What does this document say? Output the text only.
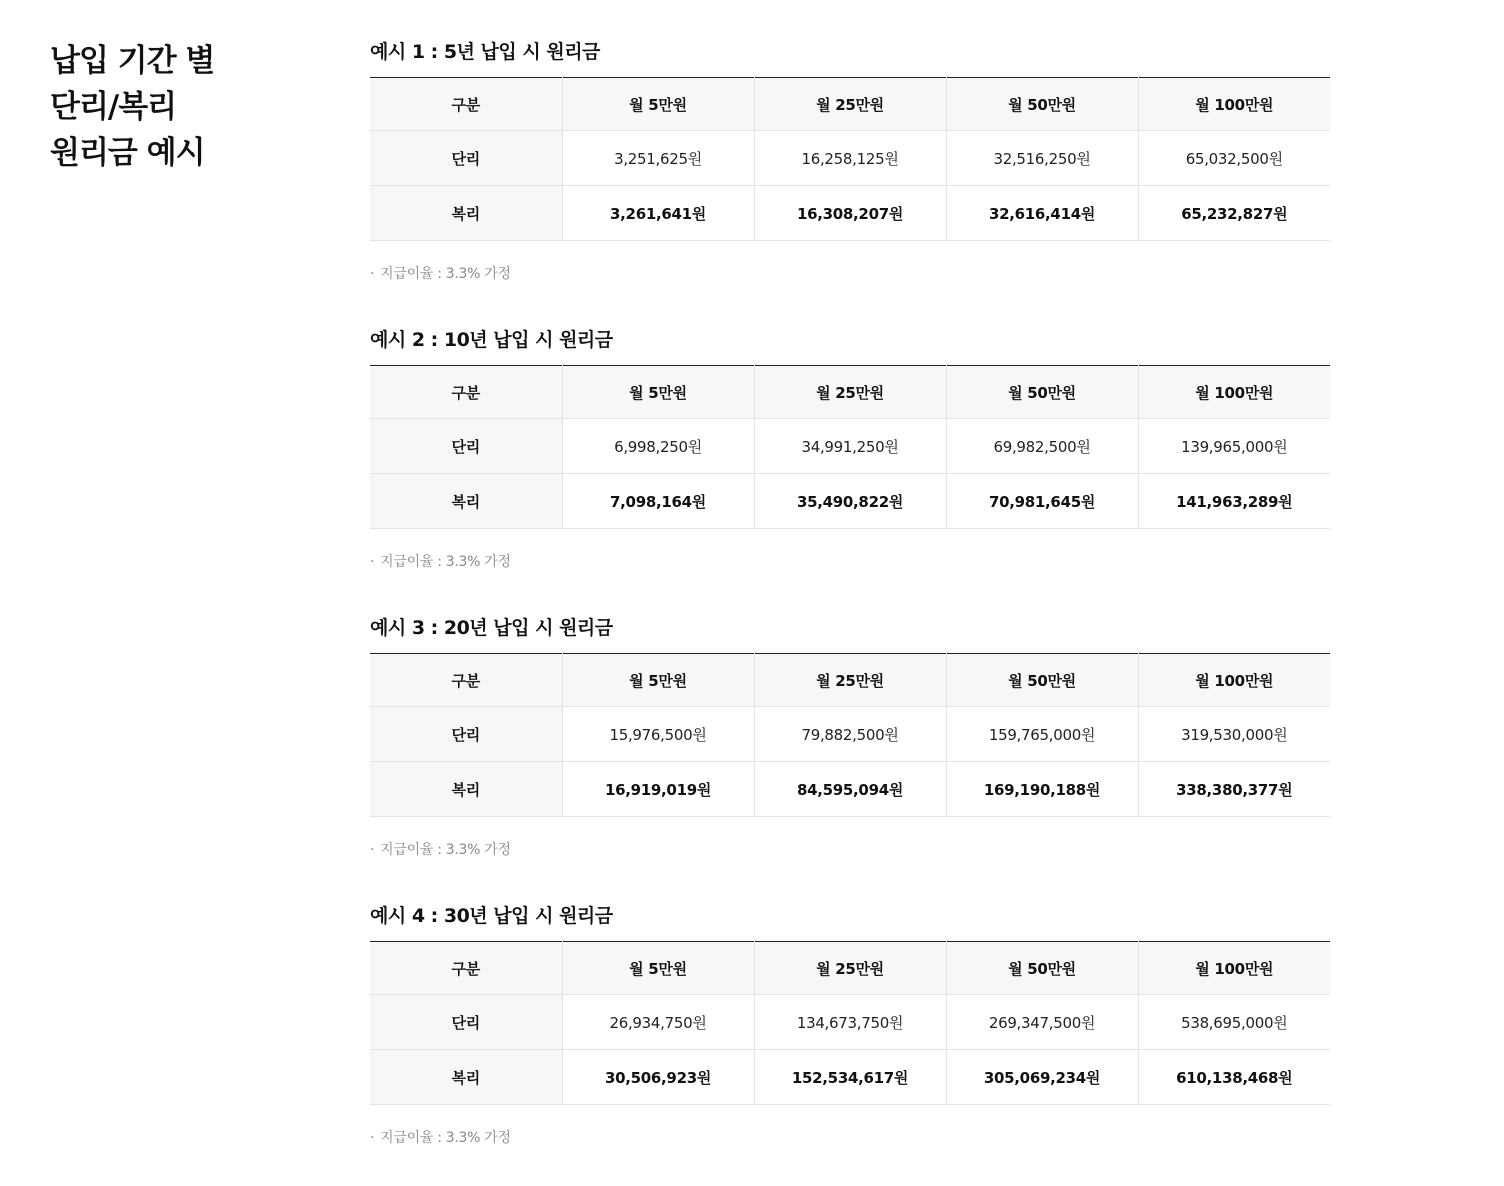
납입 기간 별
단리/복리
원리금 예시
예시 1 : 5년 납입 시 원리금
구분	월 5만원	월 25만원	월 50만원	월 100만원
단리	3,251,625원	16,258,125원	32,516,250원	65,032,500원
복리	3,261,641원	16,308,207원	32,616,414원	65,232,827원

· 지급이율 : 3.3% 가정

예시 2 : 10년 납입 시 원리금
구분	월 5만원	월 25만원	월 50만원	월 100만원
단리	6,998,250원	34,991,250원	69,982,500원	139,965,000원
복리	7,098,164원	35,490,822원	70,981,645원	141,963,289원

· 지급이율 : 3.3% 가정

예시 3 : 20년 납입 시 원리금
구분	월 5만원	월 25만원	월 50만원	월 100만원
단리	15,976,500원	79,882,500원	159,765,000원	319,530,000원
복리	16,919,019원	84,595,094원	169,190,188원	338,380,377원

· 지급이율 : 3.3% 가정

예시 4 : 30년 납입 시 원리금
구분	월 5만원	월 25만원	월 50만원	월 100만원
단리	26,934,750원	134,673,750원	269,347,500원	538,695,000원
복리	30,506,923원	152,534,617원	305,069,234원	610,138,468원

· 지급이율 : 3.3% 가정
